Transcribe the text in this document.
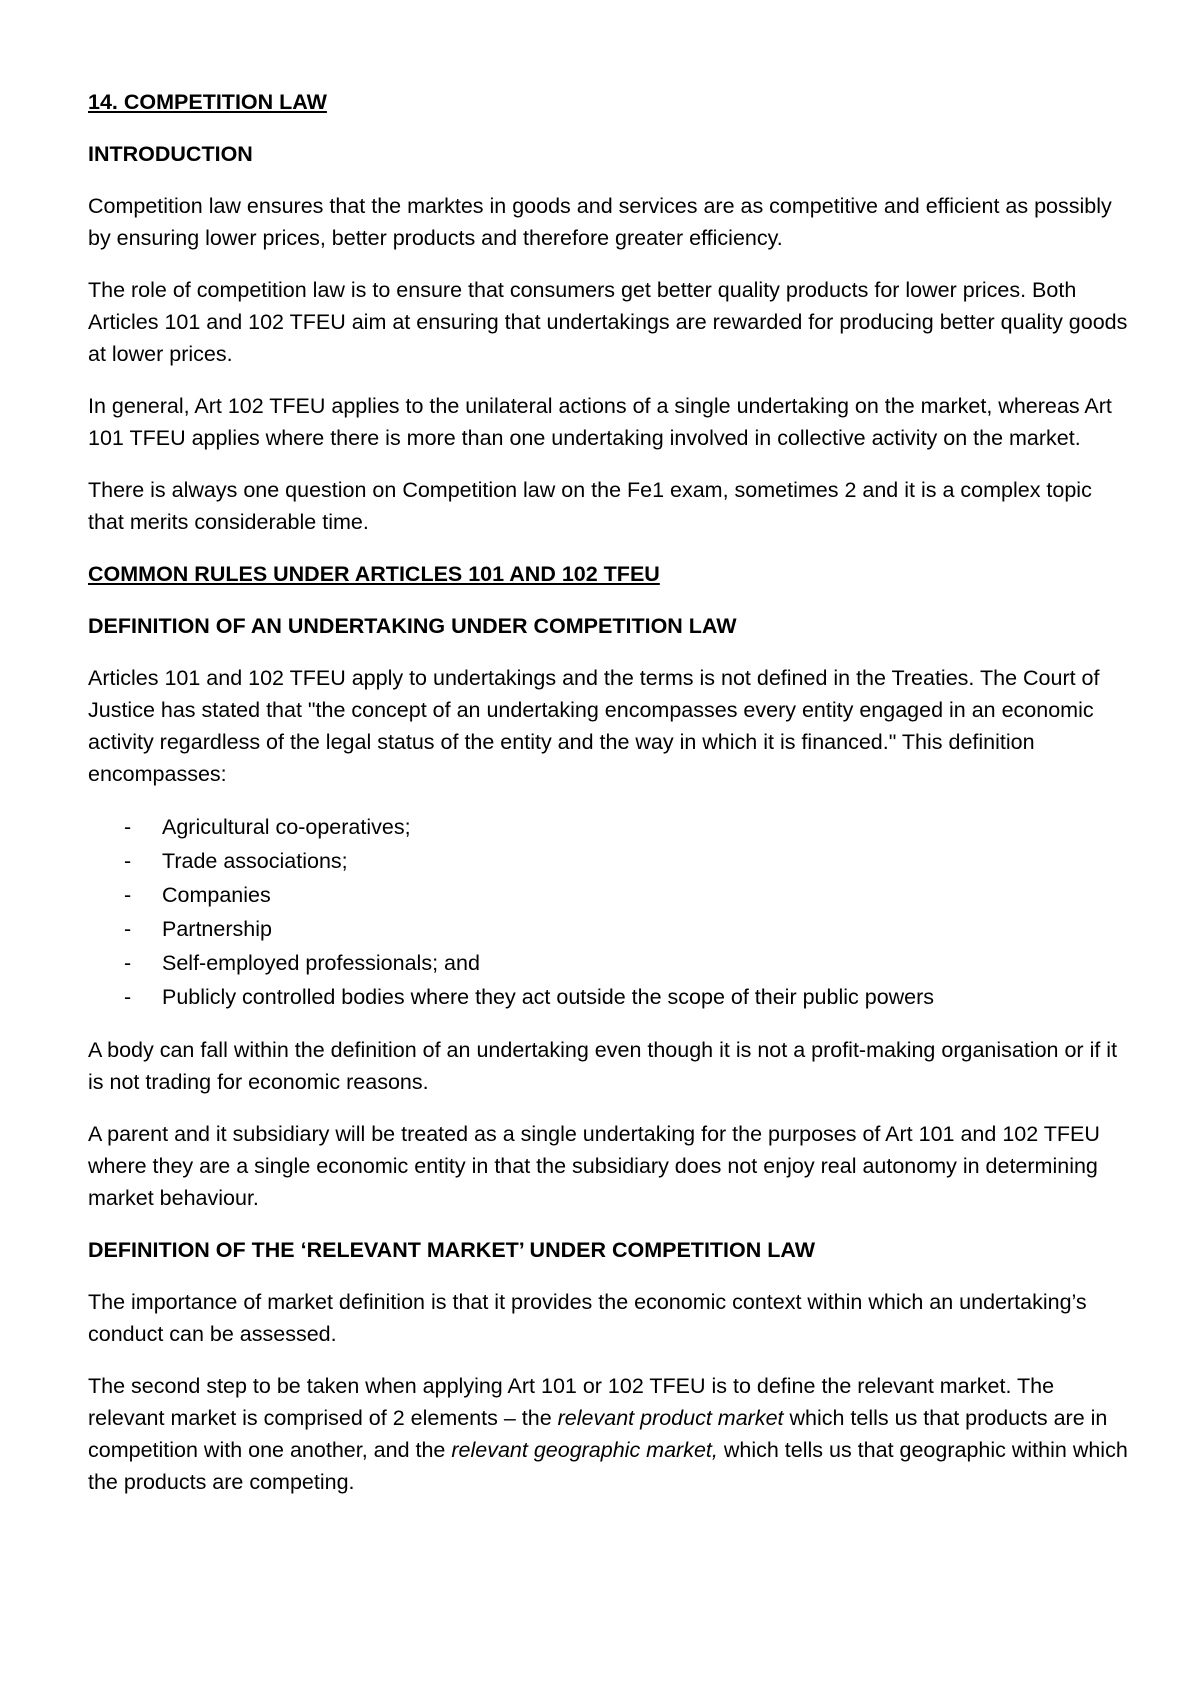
14. COMPETITION LAW
INTRODUCTION

Competition law ensures that the marktes in goods and services are as competitive and efficient as possibly by ensuring lower prices, better products and therefore greater efficiency.

The role of competition law is to ensure that consumers get better quality products for lower prices. Both Articles 101 and 102 TFEU aim at ensuring that undertakings are rewarded for producing better quality goods at lower prices.

In general, Art 102 TFEU applies to the unilateral actions of a single undertaking on the market, whereas Art 101 TFEU applies where there is more than one undertaking involved in collective activity on the market.

There is always one question on Competition law on the Fe1 exam, sometimes 2 and it is a complex topic that merits considerable time.

COMMON RULES UNDER ARTICLES 101 AND 102 TFEU
DEFINITION OF AN UNDERTAKING UNDER COMPETITION LAW

Articles 101 and 102 TFEU apply to undertakings and the terms is not defined in the Treaties. The Court of Justice has stated that "the concept of an undertaking encompasses every entity engaged in an economic activity regardless of the legal status of the entity and the way in which it is financed." This definition encompasses:

- Agricultural co-operatives;
- Trade associations;
- Companies
- Partnership
- Self-employed professionals; and
- Publicly controlled bodies where they act outside the scope of their public powers

A body can fall within the definition of an undertaking even though it is not a profit-making organisation or if it is not trading for economic reasons.

A parent and it subsidiary will be treated as a single undertaking for the purposes of Art 101 and 102 TFEU where they are a single economic entity in that the subsidiary does not enjoy real autonomy in determining market behaviour.

DEFINITION OF THE ‘RELEVANT MARKET’ UNDER COMPETITION LAW

The importance of market definition is that it provides the economic context within which an undertaking’s conduct can be assessed.

The second step to be taken when applying Art 101 or 102 TFEU is to define the relevant market. The relevant market is comprised of 2 elements – the relevant product market which tells us that products are in competition with one another, and the relevant geographic market, which tells us that geographic within which the products are competing.
